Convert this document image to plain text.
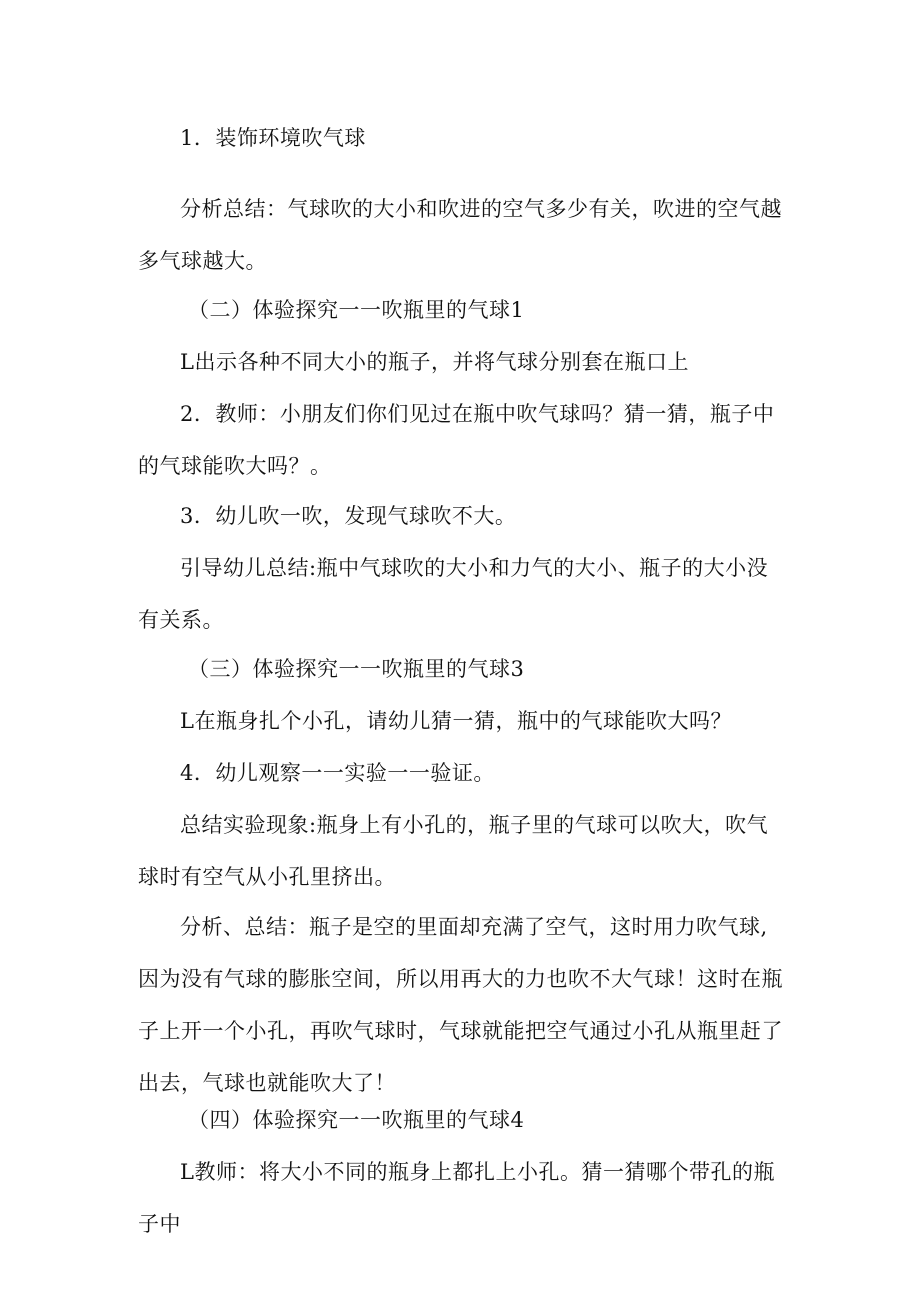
1．装饰环境吹气球

分析总结：气球吹的大小和吹进的空气多少有关，吹进的空气越多气球越大。

（二）体验探究一一吹瓶里的气球1

L出示各种不同大小的瓶子，并将气球分别套在瓶口上

2．教师：小朋友们你们见过在瓶中吹气球吗？猜一猜，瓶子中的气球能吹大吗？。

3．幼儿吹一吹，发现气球吹不大。

引导幼儿总结:瓶中气球吹的大小和力气的大小、瓶子的大小没有关系。

（三）体验探究一一吹瓶里的气球3

L在瓶身扎个小孔，请幼儿猜一猜，瓶中的气球能吹大吗？

4．幼儿观察一一实验一一验证。

总结实验现象:瓶身上有小孔的，瓶子里的气球可以吹大，吹气球时有空气从小孔里挤出。

分析、总结：瓶子是空的里面却充满了空气，这时用力吹气球,因为没有气球的膨胀空间，所以用再大的力也吹不大气球！这时在瓶子上开一个小孔，再吹气球时，气球就能把空气通过小孔从瓶里赶了出去，气球也就能吹大了！

（四）体验探究一一吹瓶里的气球4

L教师：将大小不同的瓶身上都扎上小孔。猜一猜哪个带孔的瓶子中
